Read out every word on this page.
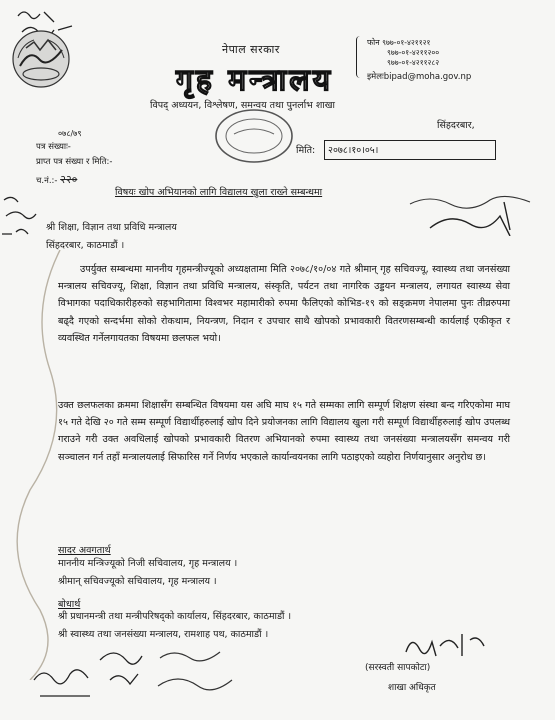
नेपाल सरकार
गृह मन्त्रालय
विपद् अध्ययन, विश्लेषण, समन्वय तथा पुनर्लाभ शाखा
फोन ९७७-०१-४२११२१
९७७-०१-४२११२००
९७७-०१-४२११२८२
इमेलःbipad@moha.gov.np
सिंहदरबार,
०७८/७९
पत्र संख्याः-
प्राप्त पत्र संख्या र मिति:-
च.नं.:- २२०
मिति: २०७८।१०।०५।
विषयः खोप अभियानको लागि विद्यालय खुला राख्ने सम्बन्धमा
श्री शिक्षा, विज्ञान तथा प्रविधि मन्त्रालय
सिंहदरबार, काठमाडौं ।
उपर्युक्त सम्बन्धमा माननीय गृहमन्त्रीज्यूको अध्यक्षतामा मिति २०७८/१०/०४ गते श्रीमान् गृह सचिवज्यू, स्वास्थ्य तथा जनसंख्या मन्त्रालय सचिवज्यू, शिक्षा, विज्ञान तथा प्रविधि मन्त्रालय, संस्कृति, पर्यटन तथा नागरिक उड्डयन मन्त्रालय, लगायत स्वास्थ्य सेवा विभागका पदाधिकारीहरुको सहभागितामा विश्वभर महामारीको रुपमा फैलिएको कोभिड-१९ को सङ्क्रमण नेपालमा पुनः तीव्ररुपमा बढ्दै गएको सन्दर्भमा सोको रोकथाम, नियन्त्रण, निदान र उपचार साथै खोपको प्रभावकारी वितरणसम्बन्धी कार्यलाई एकीकृत र व्यवस्थित गर्नेलगायतका विषयमा छलफल भयो।
उक्त छलफलका क्रममा शिक्षासँग सम्बन्धित विषयमा यस अघि माघ १५ गते सम्मका लागि सम्पूर्ण शिक्षण संस्था बन्द गरिएकोमा माघ १५ गते देखि २० गते सम्म सम्पूर्ण विद्यार्थीहरुलाई खोप दिने प्रयोजनका लागि विद्यालय खुला गरी सम्पूर्ण विद्यार्थीहरुलाई खोप उपलब्ध गराउने गरी उक्त अवधिलाई खोपको प्रभावकारी वितरण अभियानको रुपमा स्वास्थ्य तथा जनसंख्या मन्त्रालयसँग समन्वय गरी सञ्चालन गर्न तहाँ मन्त्रालयलाई सिफारिस गर्ने निर्णय भएकाले कार्यान्वयनका लागि पठाइएको व्यहोरा निर्णयानुसार अनुरोध छ।
सादर अवगतार्थ
माननीय मन्त्रिज्यूको निजी सचिवालय, गृह मन्त्रालय ।
श्रीमान् सचिवज्यूको सचिवालय, गृह मन्त्रालय ।
बोधार्थ
श्री प्रधानमन्त्री तथा मन्त्रीपरिषद्को कार्यालय, सिंहदरबार, काठमाडौं ।
श्री स्वास्थ्य तथा जनसंख्या मन्त्रालय, रामशाह पथ, काठमाडौं ।
(सरस्वती सापकोटा)
शाखा अधिकृत
